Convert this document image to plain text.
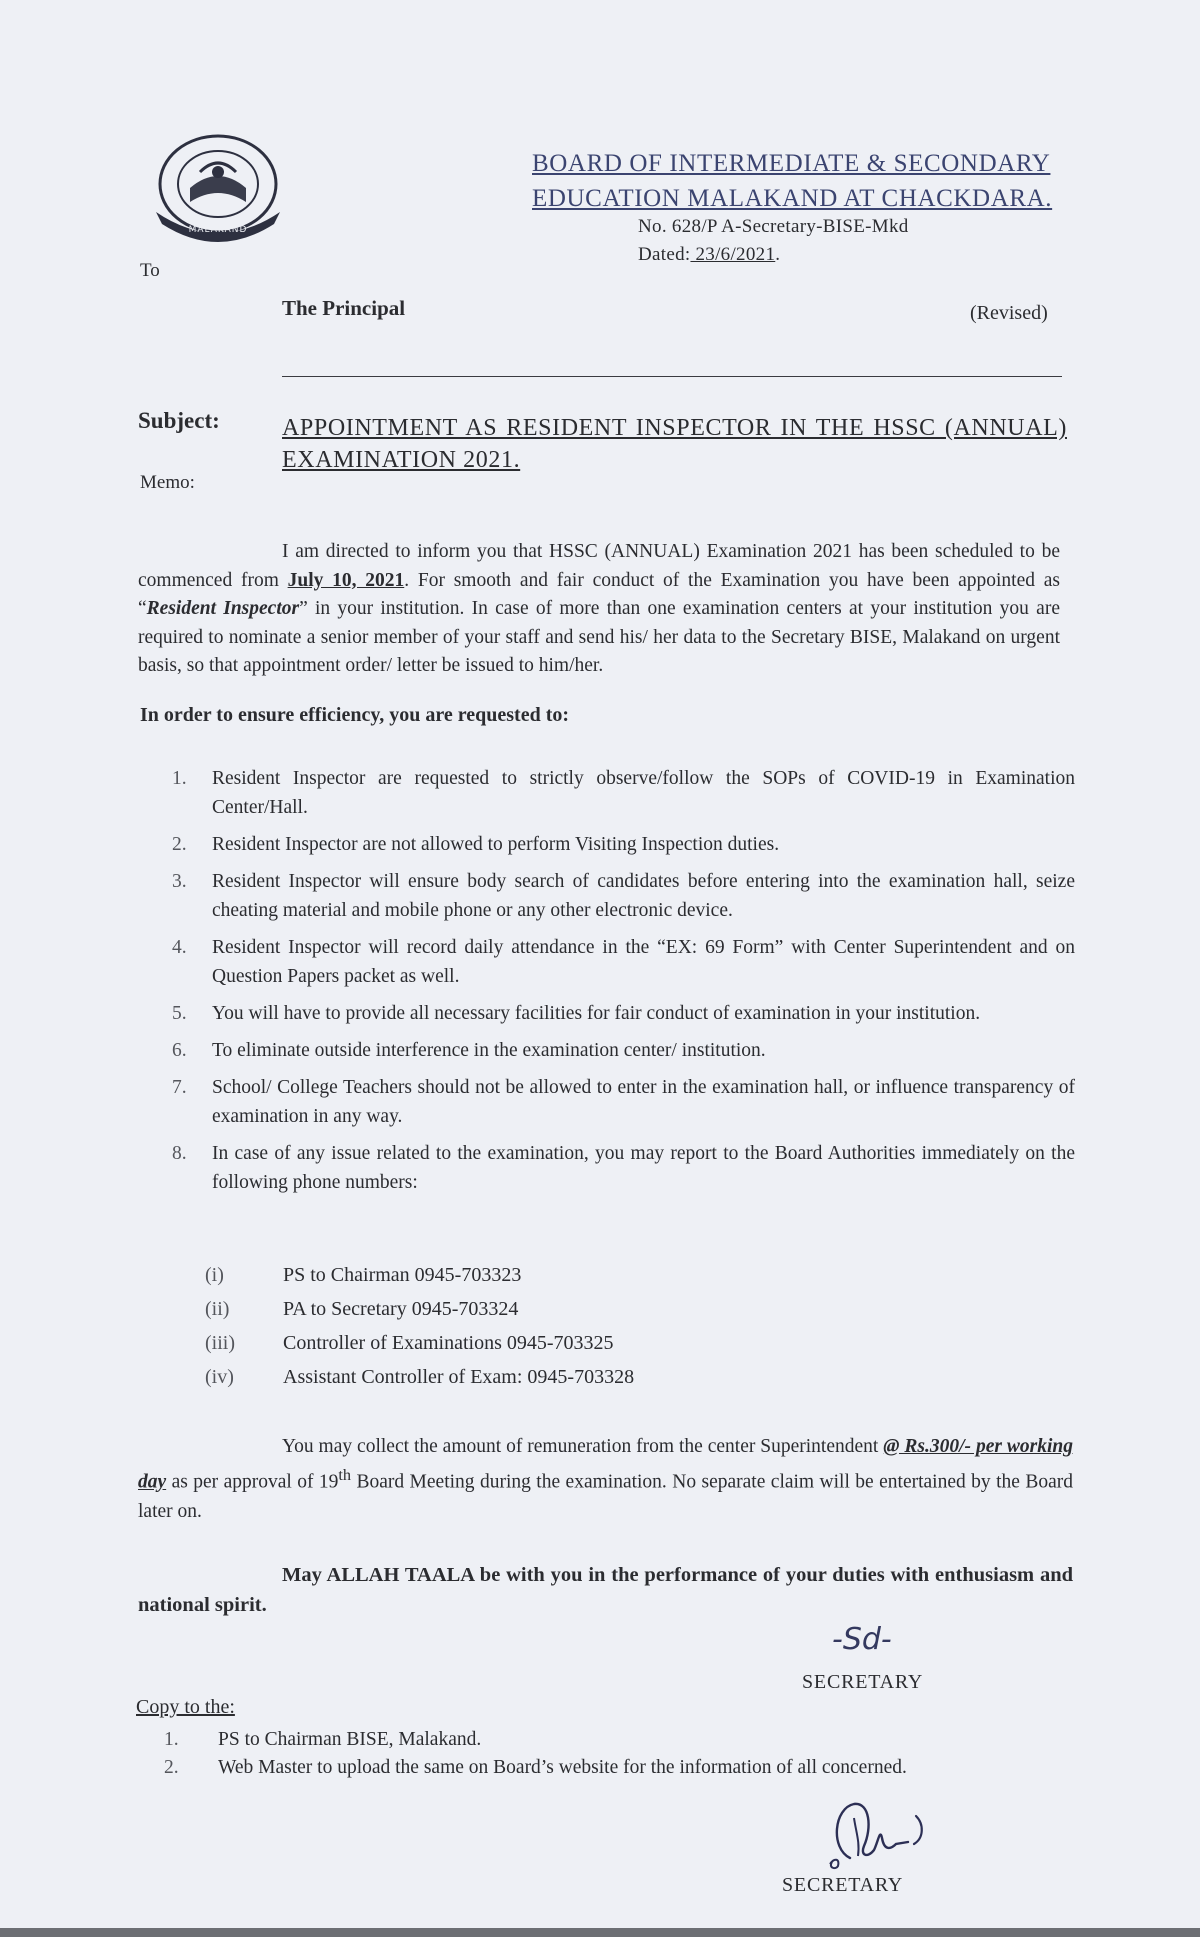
MALAKAND
BOARD OF INTERMEDIATE & SECONDARY
EDUCATION MALAKAND AT CHACKDARA.
No. 628/P A-Secretary-BISE-Mkd
Dated: 23/6/2021.
To
The Principal	(Revised)
Subject:	APPOINTMENT AS RESIDENT INSPECTOR IN THE HSSC (ANNUAL) EXAMINATION 2021.
Memo:
I am directed to inform you that HSSC (ANNUAL) Examination 2021 has been scheduled to be commenced from July 10, 2021. For smooth and fair conduct of the Examination you have been appointed as “Resident Inspector” in your institution. In case of more than one examination centers at your institution you are required to nominate a senior member of your staff and send his/ her data to the Secretary BISE, Malakand on urgent basis, so that appointment order/ letter be issued to him/her.
In order to ensure efficiency, you are requested to:
1. Resident Inspector are requested to strictly observe/follow the SOPs of COVID-19 in Examination Center/Hall.
2. Resident Inspector are not allowed to perform Visiting Inspection duties.
3. Resident Inspector will ensure body search of candidates before entering into the examination hall, seize cheating material and mobile phone or any other electronic device.
4. Resident Inspector will record daily attendance in the “EX: 69 Form” with Center Superintendent and on Question Papers packet as well.
5. You will have to provide all necessary facilities for fair conduct of examination in your institution.
6. To eliminate outside interference in the examination center/ institution.
7. School/ College Teachers should not be allowed to enter in the examination hall, or influence transparency of examination in any way.
8. In case of any issue related to the examination, you may report to the Board Authorities immediately on the following phone numbers:
(i)	PS to Chairman 0945-703323
(ii)	PA to Secretary 0945-703324
(iii) Controller of Examinations 0945-703325
(iv) Assistant Controller of Exam: 0945-703328
You may collect the amount of remuneration from the center Superintendent @ Rs.300/- per working day as per approval of 19th Board Meeting during the examination. No separate claim will be entertained by the Board later on.
May ALLAH TAALA be with you in the performance of your duties with enthusiasm and national spirit.
-Sd-
SECRETARY
Copy to the:
1. PS to Chairman BISE, Malakand.
2. Web Master to upload the same on Board’s website for the information of all concerned.
SECRETARY
